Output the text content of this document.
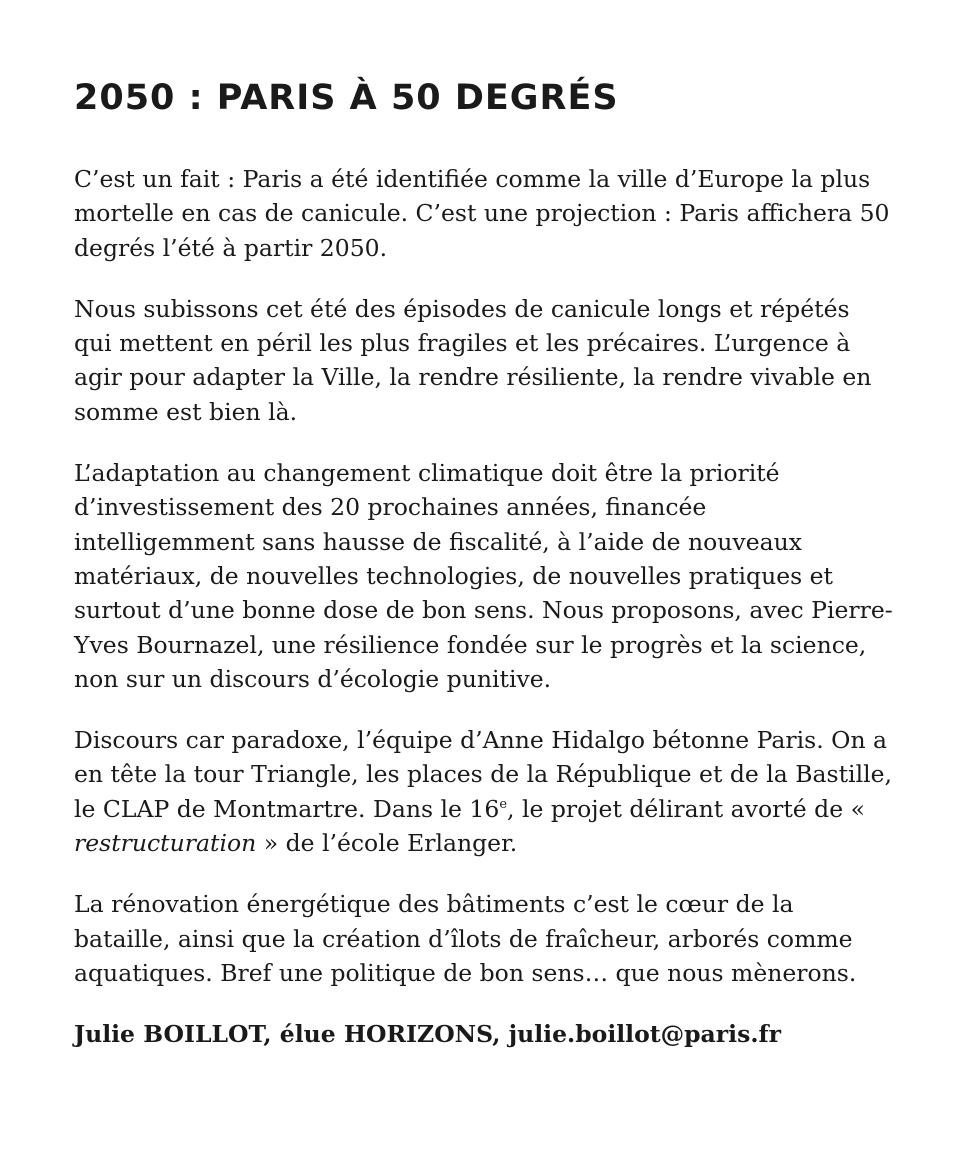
2050 : PARIS À 50 DEGRÉS

C’est un fait : Paris a été identifiée comme la ville d’Europe la plus mortelle en cas de canicule. C’est une projection : Paris affichera 50 degrés l’été à partir 2050.

Nous subissons cet été des épisodes de canicule longs et répétés qui mettent en péril les plus fragiles et les précaires. L’urgence à agir pour adapter la Ville, la rendre résiliente, la rendre vivable en somme est bien là.

L’adaptation au changement climatique doit être la priorité d’investissement des 20 prochaines années, financée intelligemment sans hausse de fiscalité, à l’aide de nouveaux matériaux, de nouvelles technologies, de nouvelles pratiques et surtout d’une bonne dose de bon sens. Nous proposons, avec Pierre-Yves Bournazel, une résilience fondée sur le progrès et la science, non sur un discours d’écologie punitive.

Discours car paradoxe, l’équipe d’Anne Hidalgo bétonne Paris. On a en tête la tour Triangle, les places de la République et de la Bastille, le CLAP de Montmartre. Dans le 16e, le projet délirant avorté de « restructuration » de l’école Erlanger.

La rénovation énergétique des bâtiments c’est le cœur de la bataille, ainsi que la création d’îlots de fraîcheur, arborés comme aquatiques. Bref une politique de bon sens… que nous mènerons.

Julie BOILLOT, élue HORIZONS, julie.boillot@paris.fr
